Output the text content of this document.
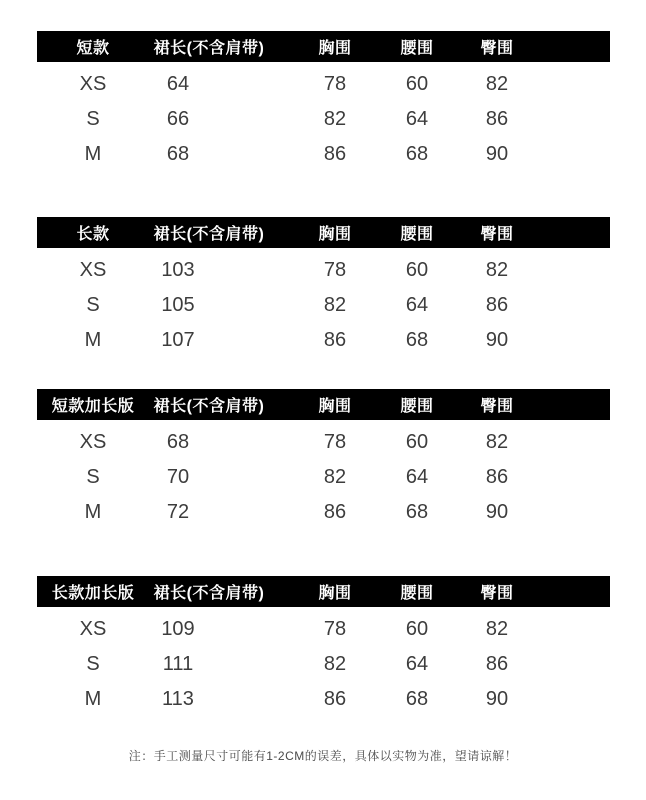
短款	裙长(不含肩带)	胸围	腰围	臀围
XS	64	78	60	82
S	66	82	64	86
M	68	86	68	90
长款	裙长(不含肩带)	胸围	腰围	臀围
XS	103	78	60	82
S	105	82	64	86
M	107	86	68	90
短款加长版	裙长(不含肩带)	胸围	腰围	臀围
XS	68	78	60	82
S	70	82	64	86
M	72	86	68	90
长款加长版	裙长(不含肩带)	胸围	腰围	臀围
XS	109	78	60	82
S	111	82	64	86
M	113	86	68	90
注：手工测量尺寸可能有1-2CM的误差，具体以实物为准，望请谅解！
